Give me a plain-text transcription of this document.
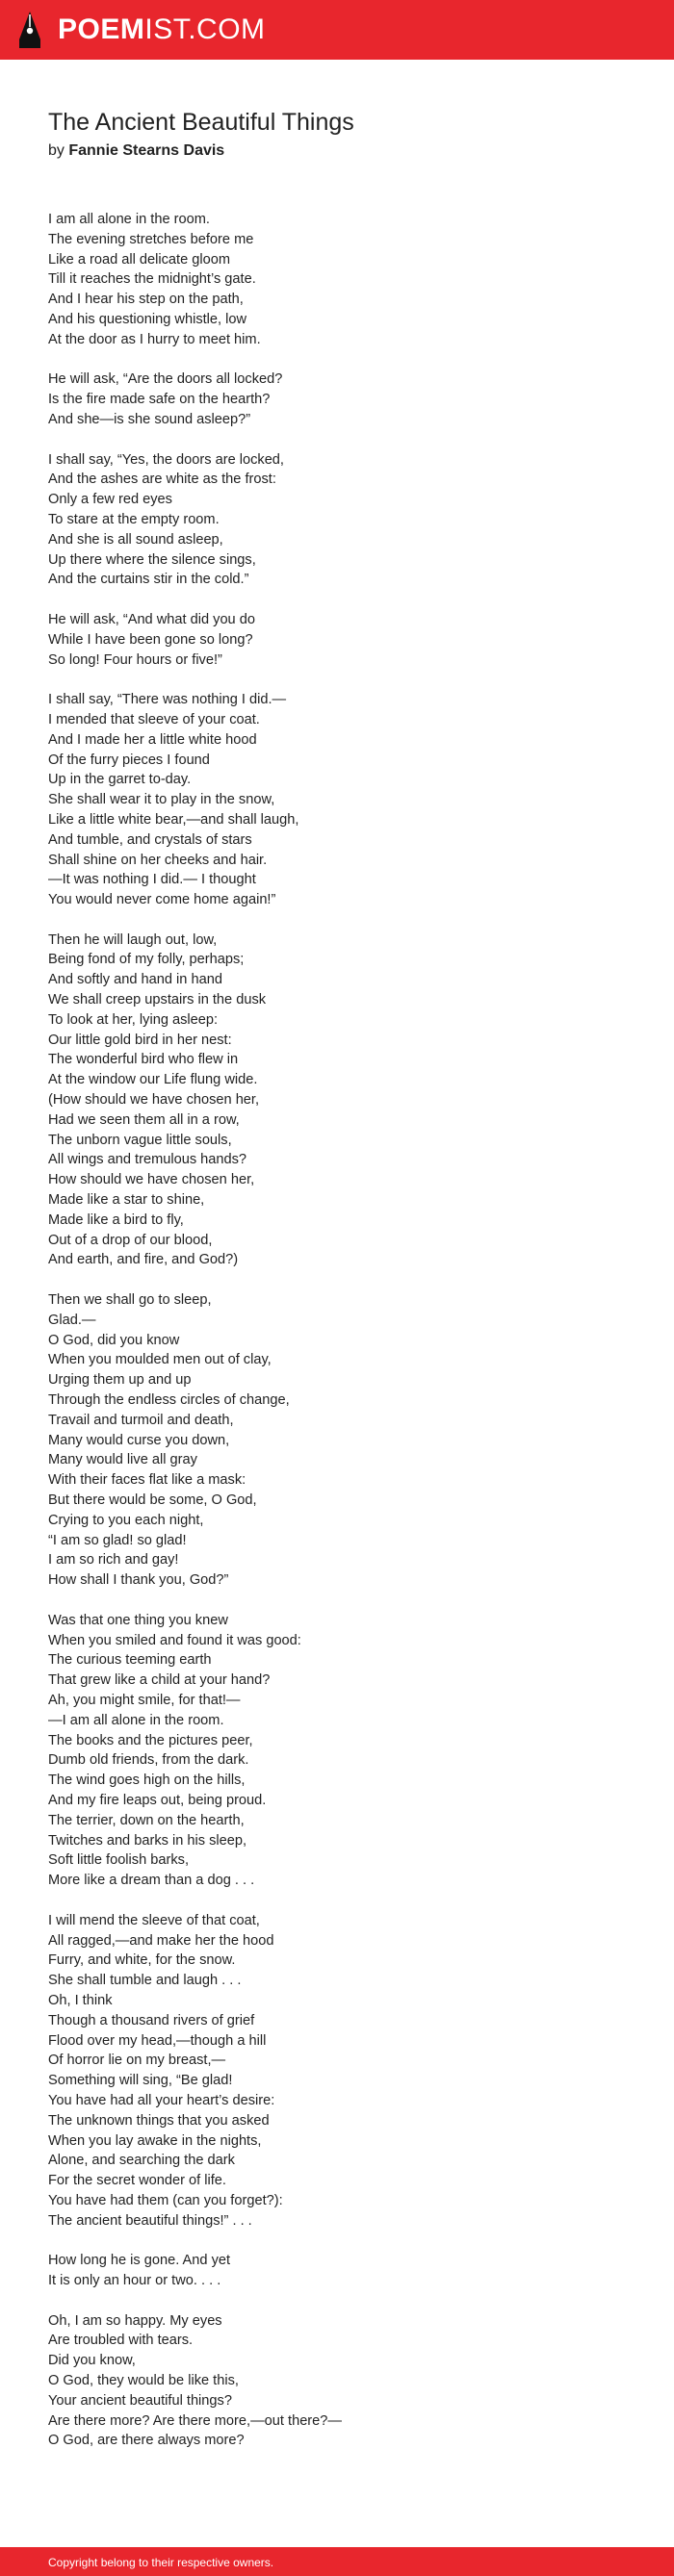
POEMIST.COM
The Ancient Beautiful Things
by Fannie Stearns Davis
I am all alone in the room.
The evening stretches before me
Like a road all delicate gloom
Till it reaches the midnight’s gate.
And I hear his step on the path,
And his questioning whistle, low
At the door as I hurry to meet him.
He will ask, “Are the doors all locked?
Is the fire made safe on the hearth?
And she—is she sound asleep?”
I shall say, “Yes, the doors are locked,
And the ashes are white as the frost:
Only a few red eyes
To stare at the empty room.
And she is all sound asleep,
Up there where the silence sings,
And the curtains stir in the cold.”
He will ask, “And what did you do
While I have been gone so long?
So long! Four hours or five!”
I shall say, “There was nothing I did.—
I mended that sleeve of your coat.
And I made her a little white hood
Of the furry pieces I found
Up in the garret to-day.
She shall wear it to play in the snow,
Like a little white bear,—and shall laugh,
And tumble, and crystals of stars
Shall shine on her cheeks and hair.
—It was nothing I did.— I thought
You would never come home again!”
Then he will laugh out, low,
Being fond of my folly, perhaps;
And softly and hand in hand
We shall creep upstairs in the dusk
To look at her, lying asleep:
Our little gold bird in her nest:
The wonderful bird who flew in
At the window our Life flung wide.
(How should we have chosen her,
Had we seen them all in a row,
The unborn vague little souls,
All wings and tremulous hands?
How should we have chosen her,
Made like a star to shine,
Made like a bird to fly,
Out of a drop of our blood,
And earth, and fire, and God?)
Then we shall go to sleep,
Glad.—
O God, did you know
When you moulded men out of clay,
Urging them up and up
Through the endless circles of change,
Travail and turmoil and death,
Many would curse you down,
Many would live all gray
With their faces flat like a mask:
But there would be some, O God,
Crying to you each night,
“I am so glad! so glad!
I am so rich and gay!
How shall I thank you, God?”
Was that one thing you knew
When you smiled and found it was good:
The curious teeming earth
That grew like a child at your hand?
Ah, you might smile, for that!—
—I am all alone in the room.
The books and the pictures peer,
Dumb old friends, from the dark.
The wind goes high on the hills,
And my fire leaps out, being proud.
The terrier, down on the hearth,
Twitches and barks in his sleep,
Soft little foolish barks,
More like a dream than a dog . . .
I will mend the sleeve of that coat,
All ragged,—and make her the hood
Furry, and white, for the snow.
She shall tumble and laugh . . .
Oh, I think
Though a thousand rivers of grief
Flood over my head,—though a hill
Of horror lie on my breast,—
Something will sing, “Be glad!
You have had all your heart’s desire:
The unknown things that you asked
When you lay awake in the nights,
Alone, and searching the dark
For the secret wonder of life.
You have had them (can you forget?):
The ancient beautiful things!” . . .
How long he is gone. And yet
It is only an hour or two. . . .
Oh, I am so happy. My eyes
Are troubled with tears.
Did you know,
O God, they would be like this,
Your ancient beautiful things?
Are there more? Are there more,—out there?—
O God, are there always more?
Copyright belong to their respective owners.
